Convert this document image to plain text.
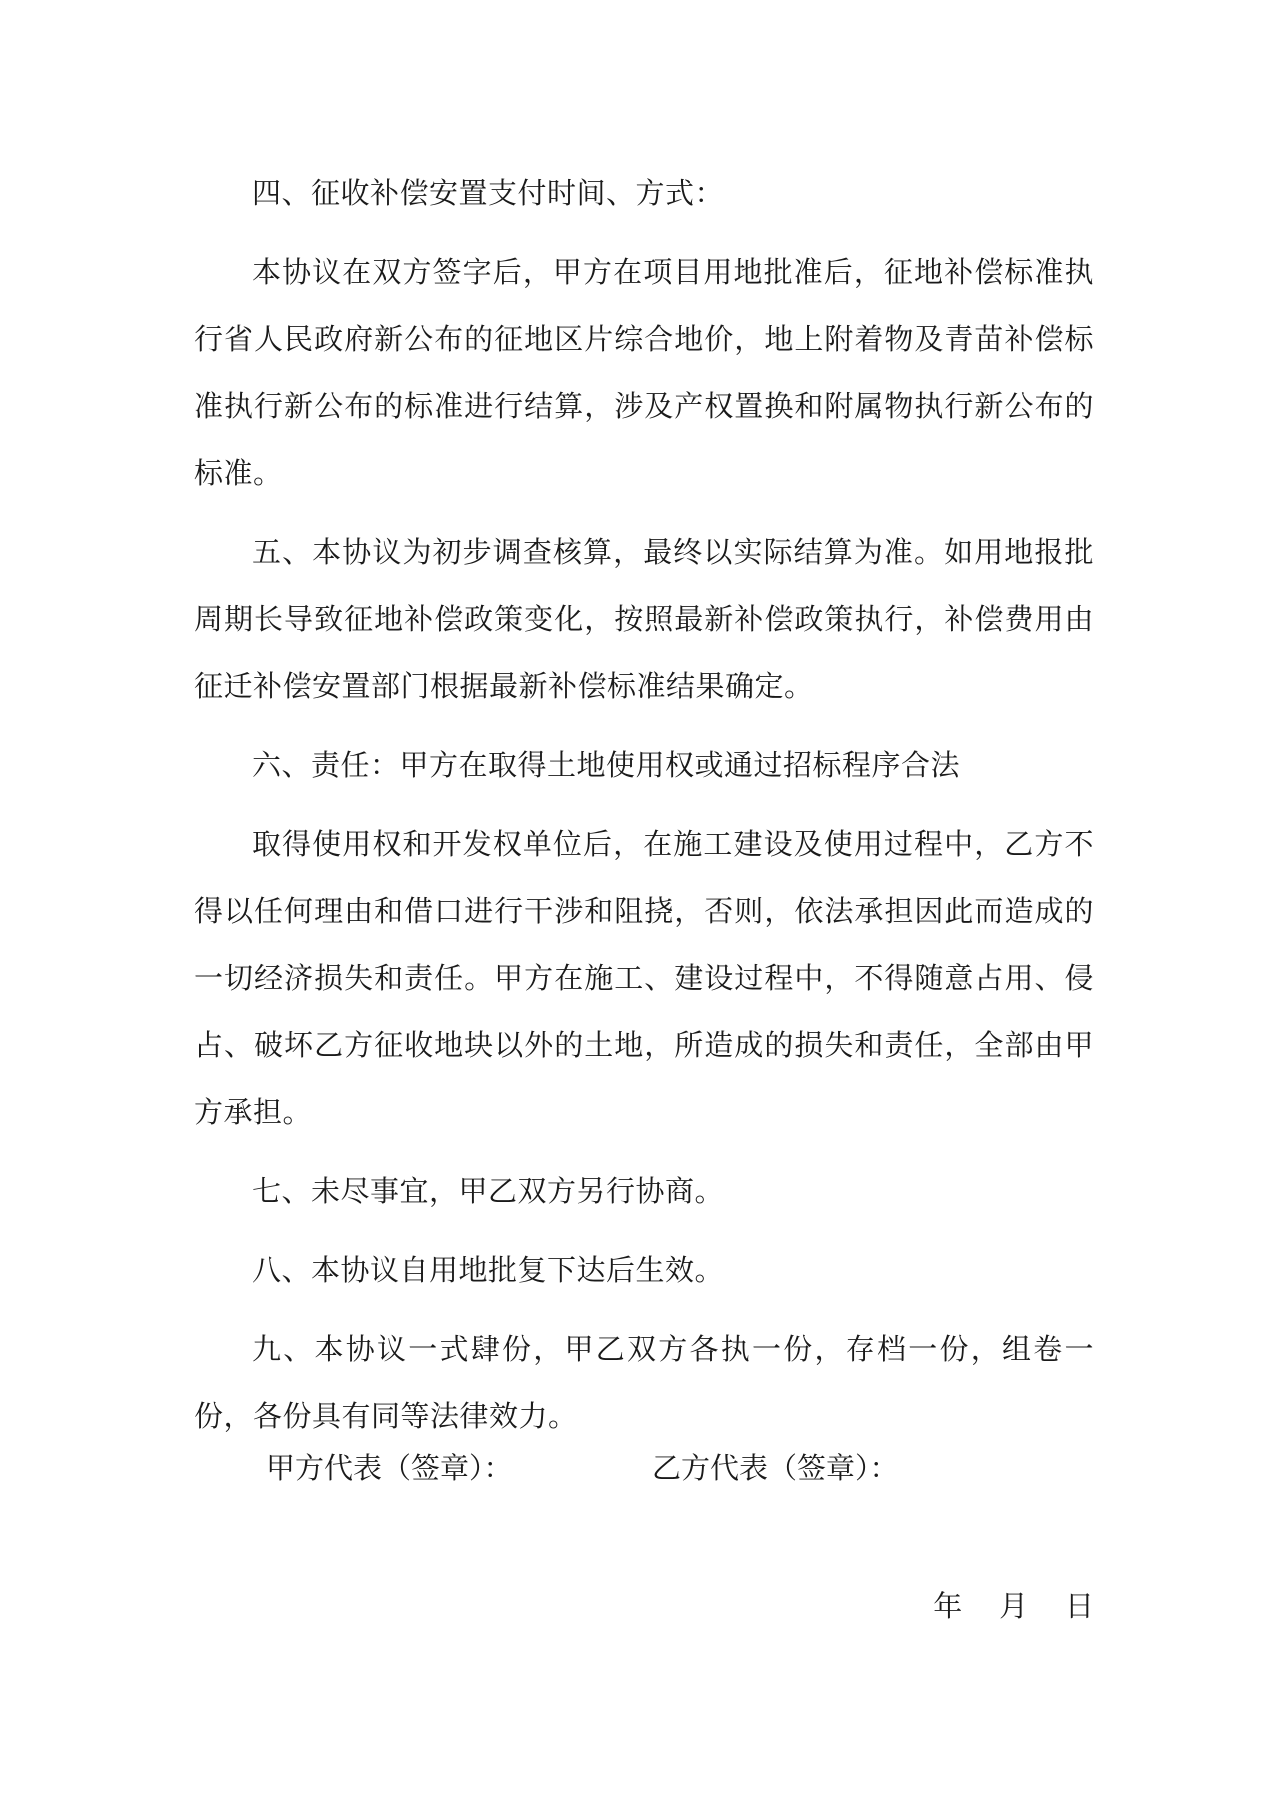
四、征收补偿安置支付时间、方式：

本协议在双方签字后，甲方在项目用地批准后，征地补偿标准执行省人民政府新公布的征地区片综合地价，地上附着物及青苗补偿标准执行新公布的标准进行结算，涉及产权置换和附属物执行新公布的标准。

五、本协议为初步调查核算，最终以实际结算为准。如用地报批周期长导致征地补偿政策变化，按照最新补偿政策执行，补偿费用由征迁补偿安置部门根据最新补偿标准结果确定。

六、责任：甲方在取得土地使用权或通过招标程序合法

取得使用权和开发权单位后，在施工建设及使用过程中，乙方不得以任何理由和借口进行干涉和阻挠，否则，依法承担因此而造成的一切经济损失和责任。甲方在施工、建设过程中，不得随意占用、侵占、破坏乙方征收地块以外的土地，所造成的损失和责任，全部由甲方承担。

七、未尽事宜，甲乙双方另行协商。

八、本协议自用地批复下达后生效。

九、本协议一式肆份，甲乙双方各执一份，存档一份，组卷一份，各份具有同等法律效力。

甲方代表（签章）：	乙方代表（签章）：
年    月    日
